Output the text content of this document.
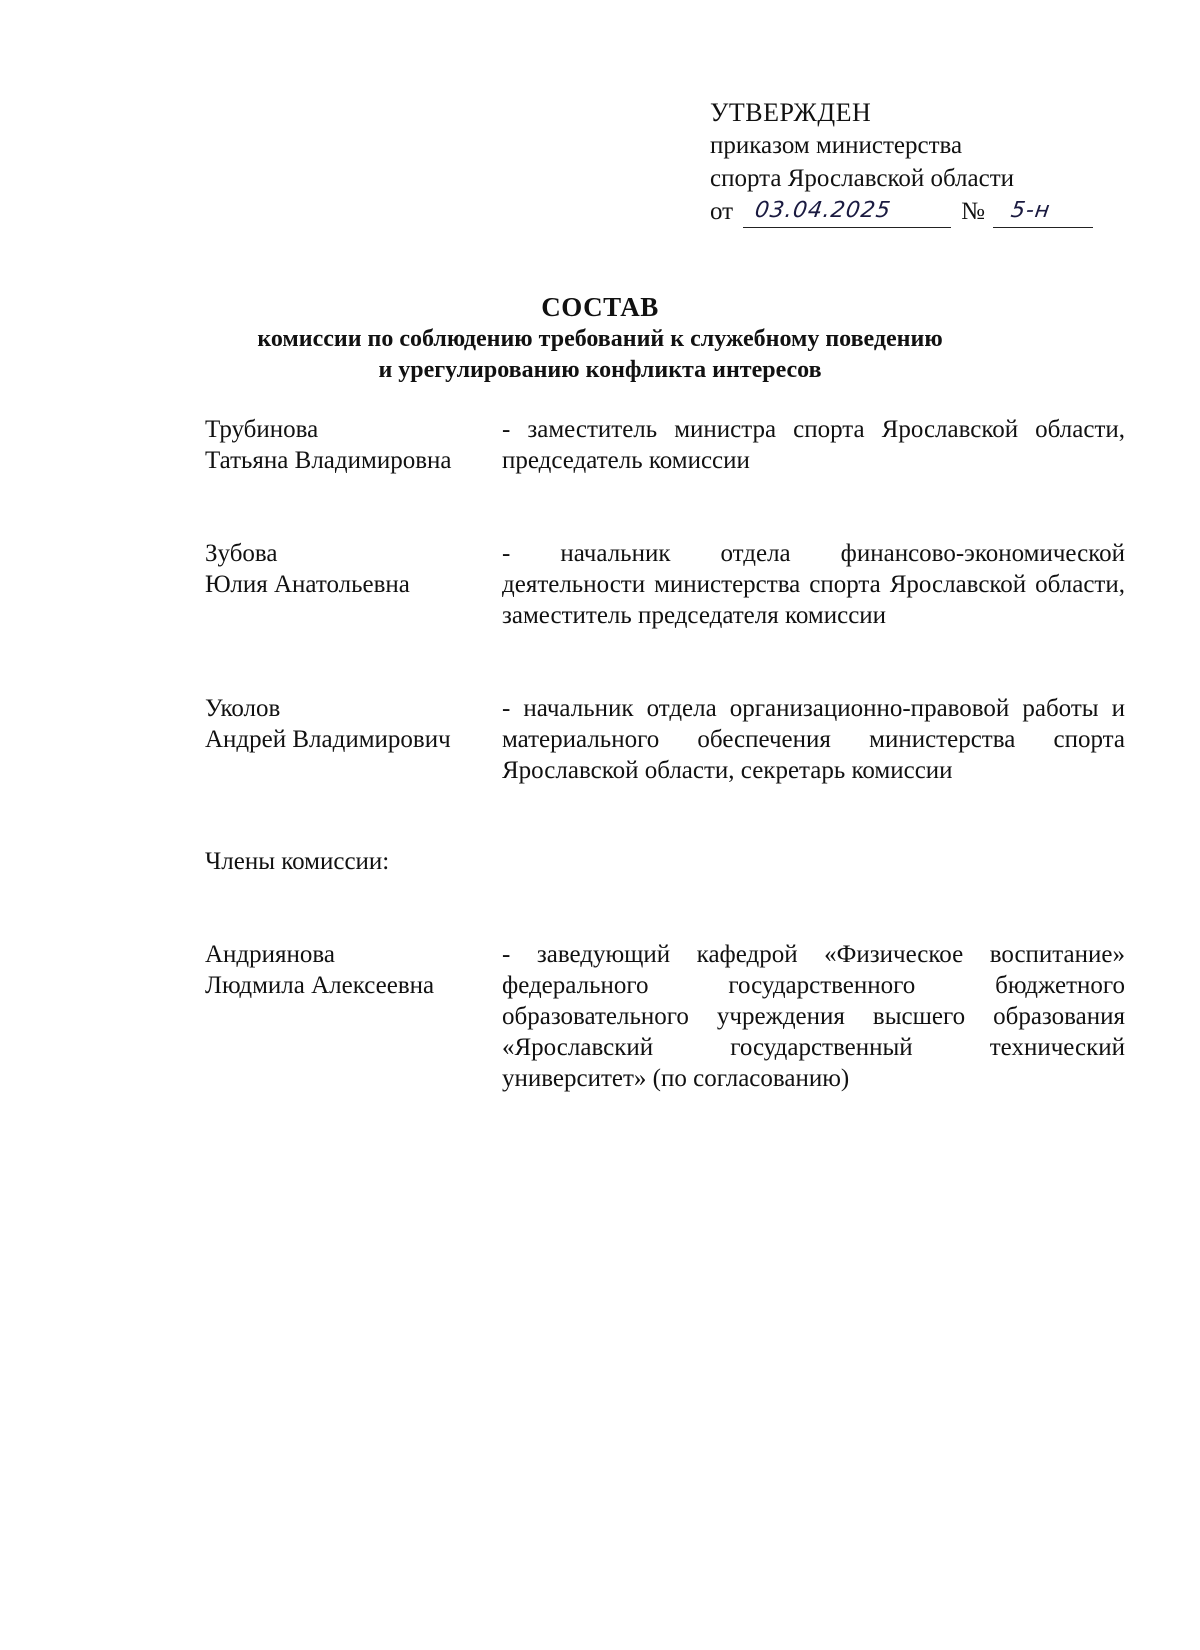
УТВЕРЖДЕН
приказом министерства
спорта Ярославской области
от 03.04.2025	№ 5-н
СОСТАВ
комиссии по соблюдению требований к служебному поведению
и урегулированию конфликта интересов
Трубинова
Татьяна Владимировна
- заместитель министра спорта Ярославской области, председатель комиссии
Зубова
Юлия Анатольевна
- начальник отдела финансово-экономической деятельности министерства спорта Ярославской области, заместитель председателя комиссии
Уколов
Андрей Владимирович
- начальник отдела организационно-правовой работы и материального обеспечения министерства спорта Ярославской области, секретарь комиссии
Члены комиссии:
Андриянова
Людмила Алексеевна
- заведующий кафедрой «Физическое воспитание» федерального государственного бюджетного образовательного учреждения высшего образования «Ярославский государственный технический университет» (по согласованию)
